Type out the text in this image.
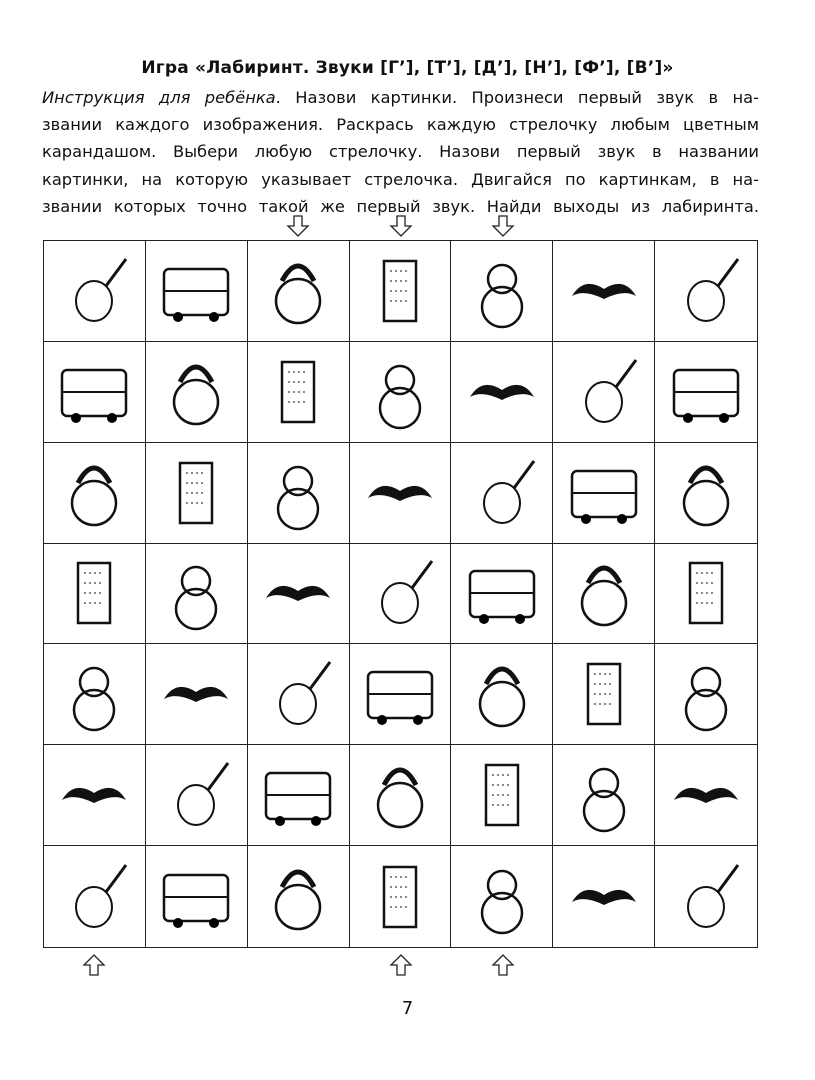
Игра «Лабиринт. Звуки [Г’], [Т’], [Д’], [Н’], [Ф’], [В’]»
Инструкция для ребёнка. Назови картинки. Произнеси первый звук в на-
звании каждого изображения. Раскрась каждую стрелочку любым цветным
карандашом. Выбери любую стрелочку. Назови первый звук в названии
картинки, на которую указывает стрелочка. Двигайся по картинкам, в на-
звании которых точно такой же первый звук. Найди выходы из лабиринта.
7
